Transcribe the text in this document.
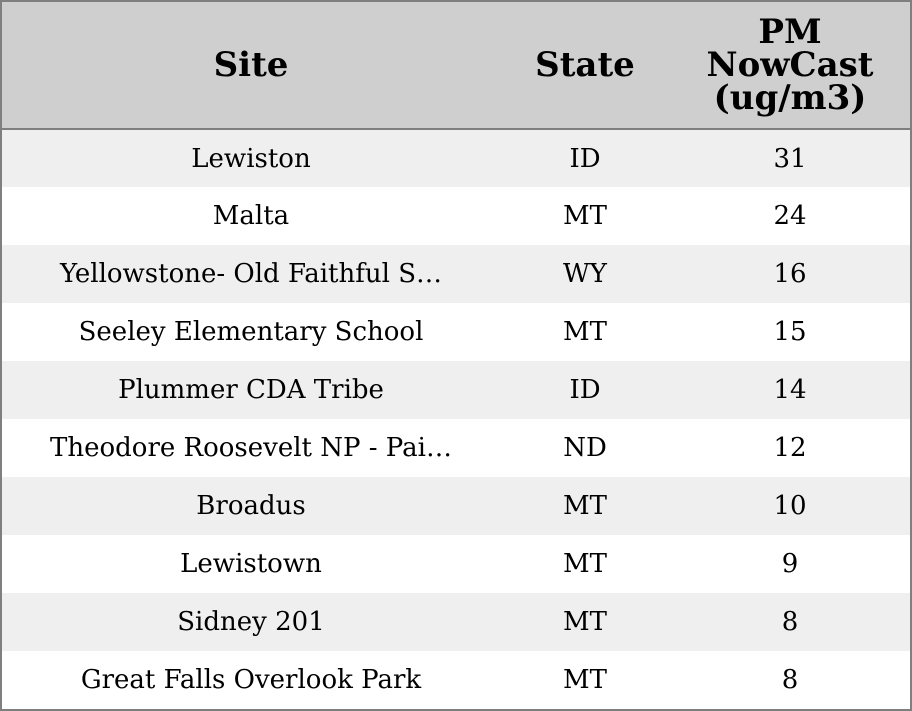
Site	State	PM
NowCast
(ug/m3)

Lewiston	ID	31
Malta	MT	24
Yellowstone- Old Faithful S…	WY	16
Seeley Elementary School	MT	15
Plummer CDA Tribe	ID	14
Theodore Roosevelt NP - Pai…	ND	12
Broadus	MT	10
Lewistown	MT	9
Sidney 201	MT	8
Great Falls Overlook Park	MT	8
